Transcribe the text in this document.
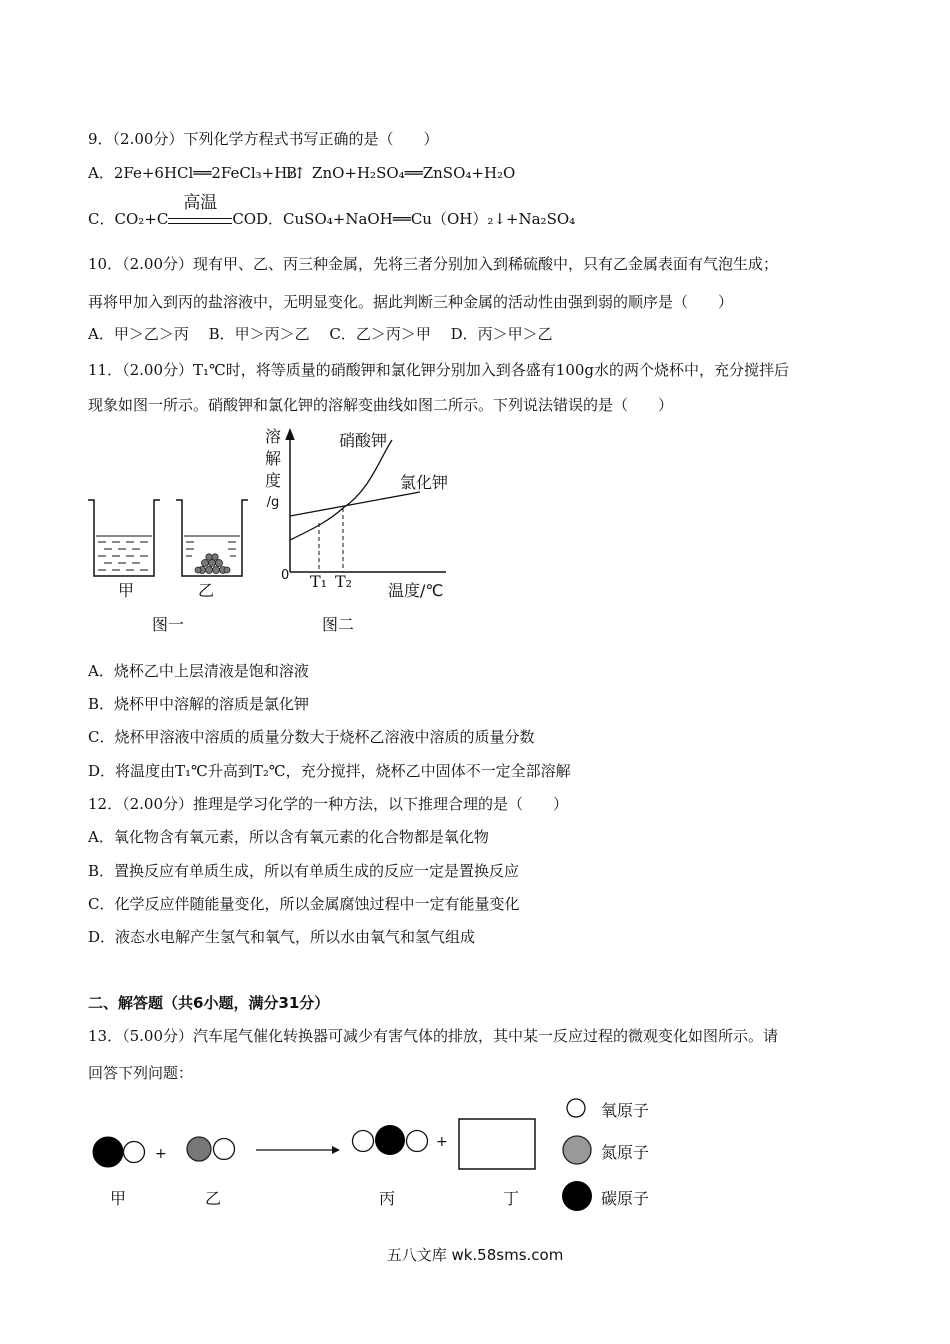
9．（2.00分）下列化学方程式书写正确的是（　　）
A．2Fe+6HCl══2FeCl₃+H₂↑
B．ZnO+H₂SO₄══ZnSO₄+H₂O
C．CO₂+C
高温
CO D．CuSO₄+NaOH══Cu（OH）₂↓+Na₂SO₄
10．（2.00分）现有甲、乙、丙三种金属，先将三者分别加入到稀硫酸中，只有乙金属表面有气泡生成；
再将甲加入到丙的盐溶液中，无明显变化。据此判断三种金属的活动性由强到弱的顺序是（　　）
A．甲＞乙＞丙　 B．甲＞丙＞乙　 C．乙＞丙＞甲　 D．丙＞甲＞乙
11．（2.00分）T₁℃时，将等质量的硝酸钾和氯化钾分别加入到各盛有100g水的两个烧杯中，充分搅拌后
现象如图一所示。硝酸钾和氯化钾的溶解变曲线如图二所示。下列说法错误的是（　　）
甲	乙
图一
溶
解
度
/g
硝酸钾
氯化钾
0 T₁ T₂ 温度/℃
图二
A．烧杯乙中上层清液是饱和溶液
B．烧杯甲中溶解的溶质是氯化钾
C．烧杯甲溶液中溶质的质量分数大于烧杯乙溶液中溶质的质量分数
D．将温度由T₁℃升高到T₂℃，充分搅拌，烧杯乙中固体不一定全部溶解
12．（2.00分）推理是学习化学的一种方法，以下推理合理的是（　　）
A．氧化物含有氧元素，所以含有氧元素的化合物都是氧化物
B．置换反应有单质生成，所以有单质生成的反应一定是置换反应
C．化学反应伴随能量变化，所以金属腐蚀过程中一定有能量变化
D．液态水电解产生氢气和氧气，所以水由氧气和氢气组成
二、解答题（共6小题，满分31分）
13．（5.00分）汽车尾气催化转换器可减少有害气体的排放，其中某一反应过程的微观变化如图所示。请
回答下列问题：
+
+
氧原子
氮原子
碳原子
甲	乙	丙	丁
五八文库 wk.58sms.com
